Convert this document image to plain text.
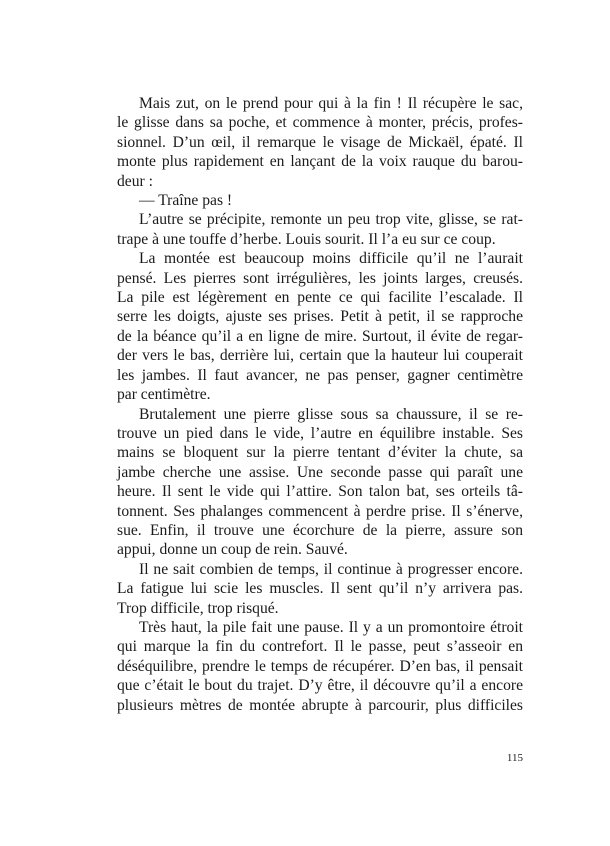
Mais zut, on le prend pour qui à la fin ! Il récupère le sac,
le glisse dans sa poche, et commence à monter, précis, profes-
sionnel. D’un œil, il remarque le visage de Mickaël, épaté. Il
monte plus rapidement en lançant de la voix rauque du barou-
deur :
— Traîne pas !
L’autre se précipite, remonte un peu trop vite, glisse, se rat-
trape à une touffe d’herbe. Louis sourit. Il l’a eu sur ce coup.
La montée est beaucoup moins difficile qu’il ne l’aurait
pensé. Les pierres sont irrégulières, les joints larges, creusés.
La pile est légèrement en pente ce qui facilite l’escalade. Il
serre les doigts, ajuste ses prises. Petit à petit, il se rapproche
de la béance qu’il a en ligne de mire. Surtout, il évite de regar-
der vers le bas, derrière lui, certain que la hauteur lui couperait
les jambes. Il faut avancer, ne pas penser, gagner centimètre
par centimètre.
Brutalement une pierre glisse sous sa chaussure, il se re-
trouve un pied dans le vide, l’autre en équilibre instable. Ses
mains se bloquent sur la pierre tentant d’éviter la chute, sa
jambe cherche une assise. Une seconde passe qui paraît une
heure. Il sent le vide qui l’attire. Son talon bat, ses orteils tâ-
tonnent. Ses phalanges commencent à perdre prise. Il s’énerve,
sue. Enfin, il trouve une écorchure de la pierre, assure son
appui, donne un coup de rein. Sauvé.
Il ne sait combien de temps, il continue à progresser encore.
La fatigue lui scie les muscles. Il sent qu’il n’y arrivera pas.
Trop difficile, trop risqué.
Très haut, la pile fait une pause. Il y a un promontoire étroit
qui marque la fin du contrefort. Il le passe, peut s’asseoir en
déséquilibre, prendre le temps de récupérer. D’en bas, il pensait
que c’était le bout du trajet. D’y être, il découvre qu’il a encore
plusieurs mètres de montée abrupte à parcourir, plus difficiles
115
